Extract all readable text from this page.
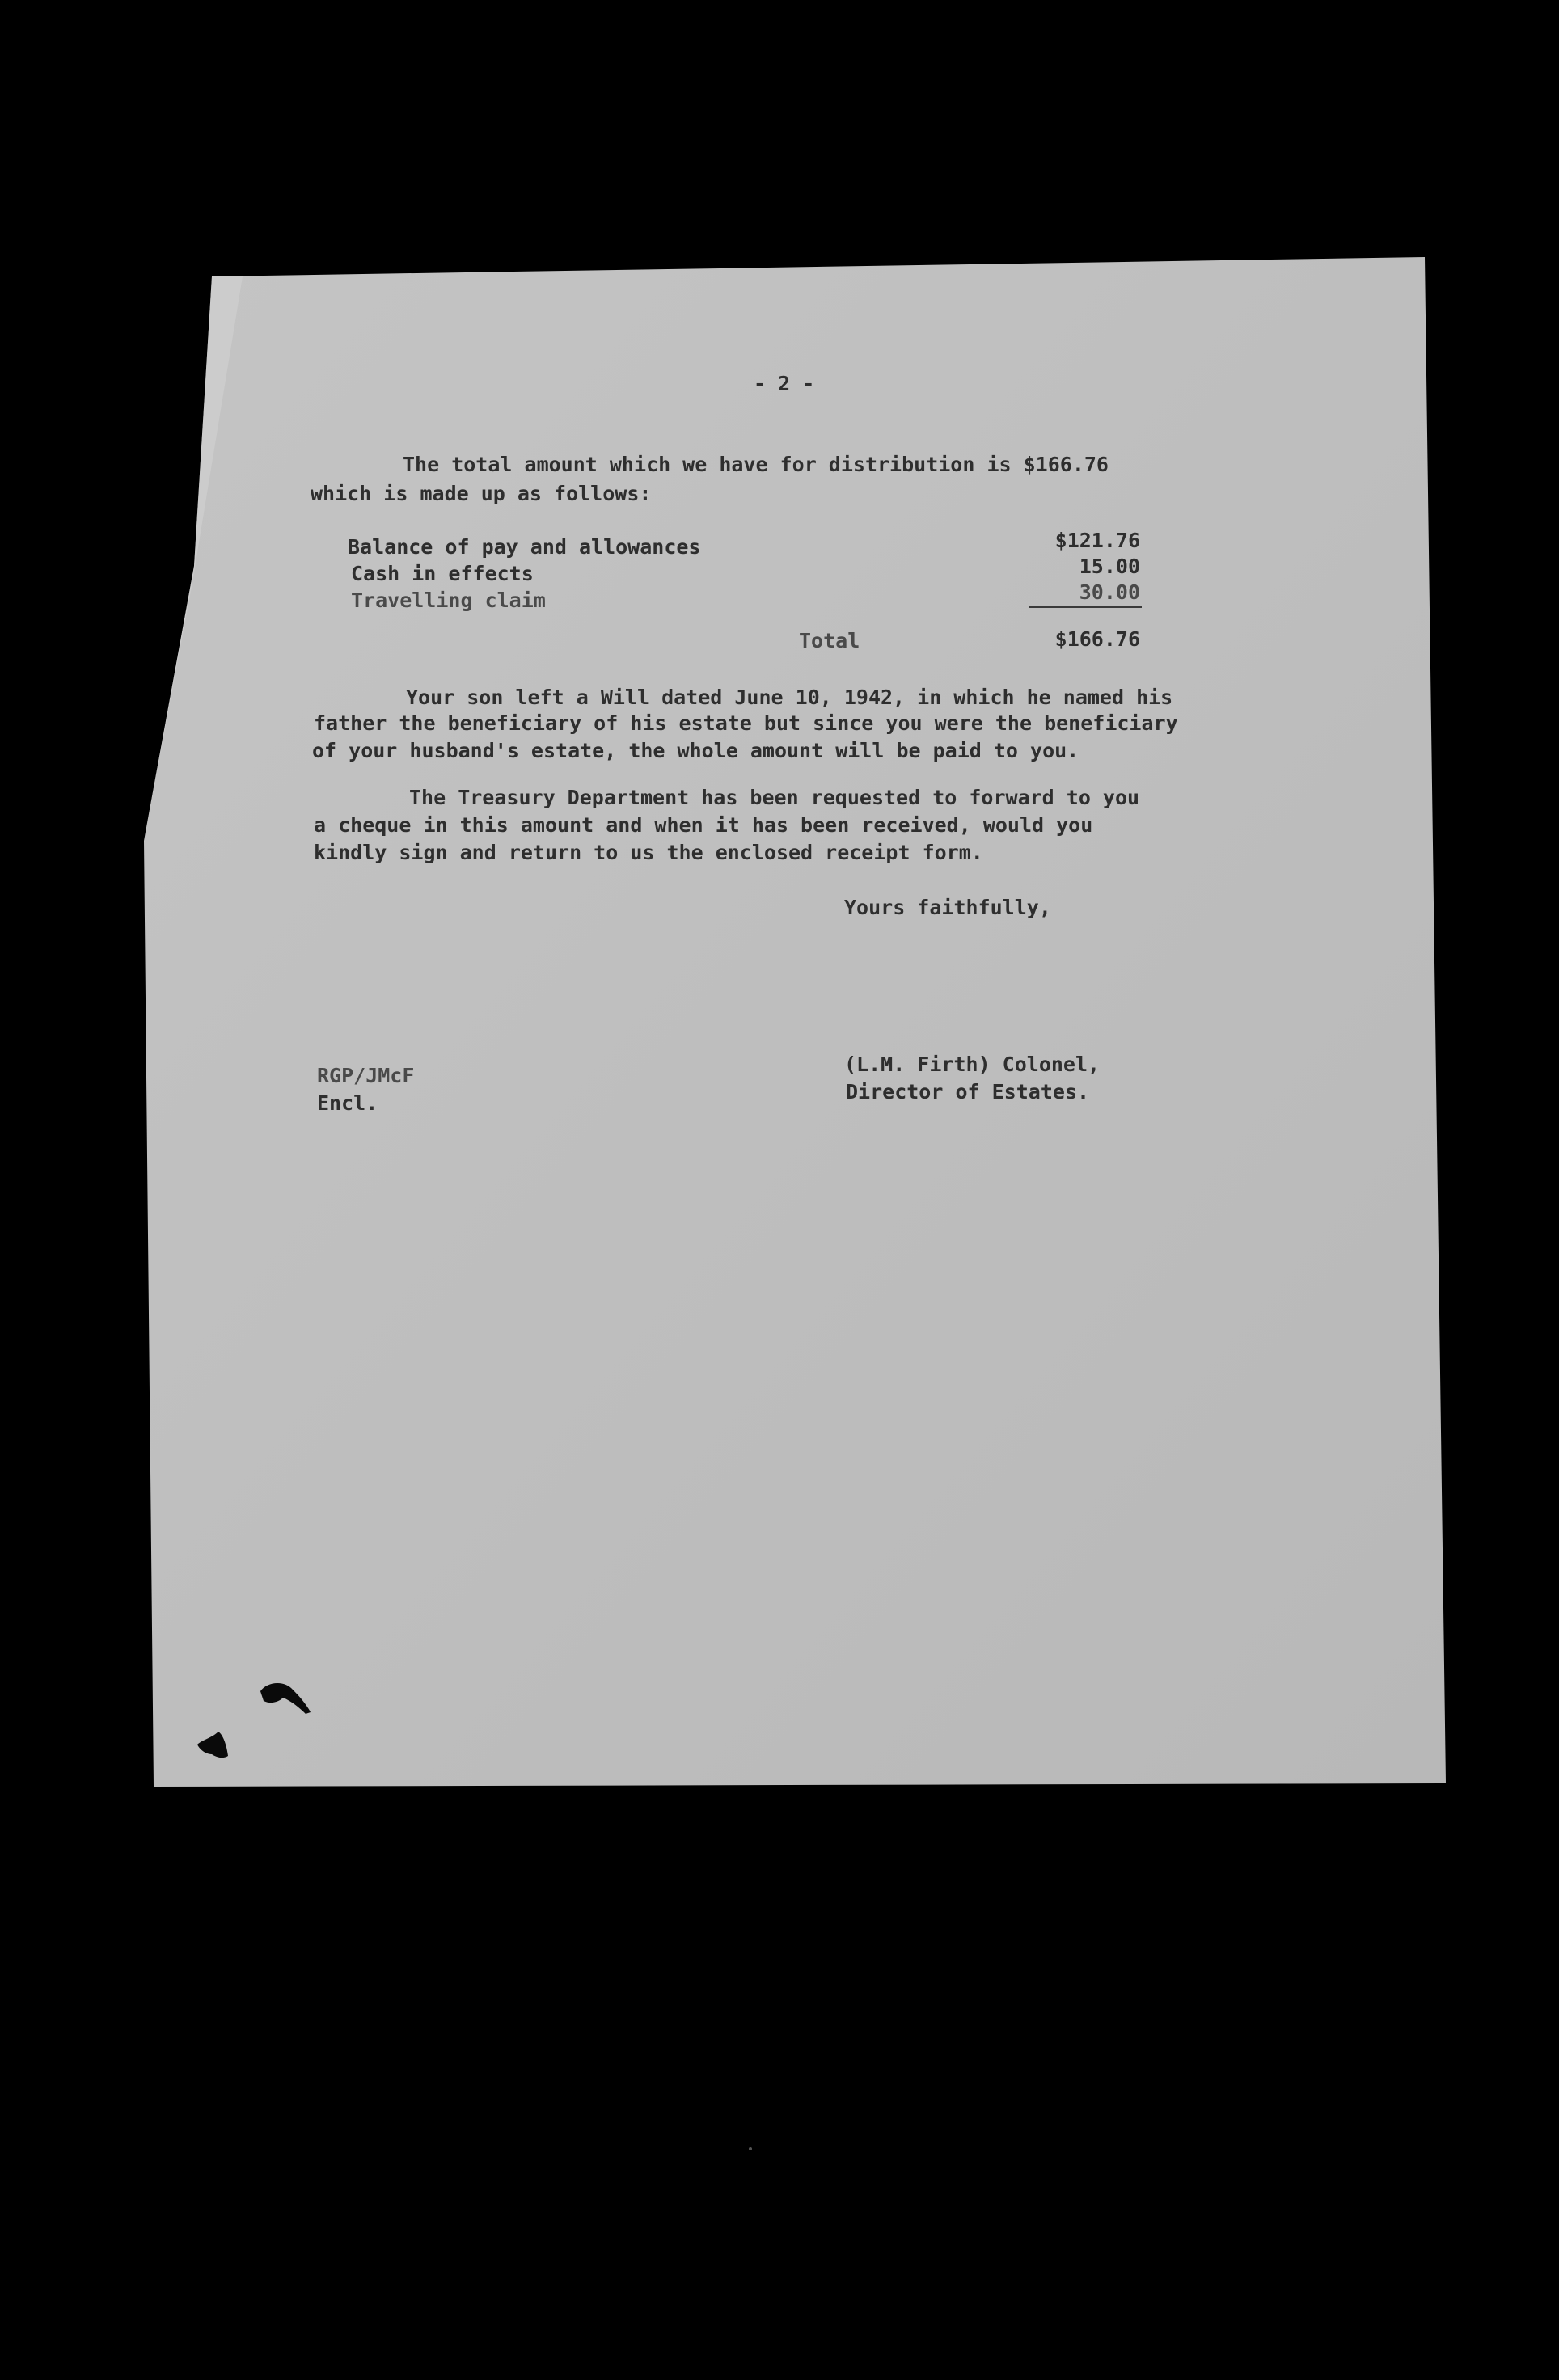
- 2 -
The total amount which we have for distribution is $166.76
which is made up as follows:
Balance of pay and allowances	$121.76
Cash in effects	15.00
Travelling claim	30.00
Total	$166.76
Your son left a Will dated June 10, 1942, in which he named his
father the beneficiary of his estate but since you were the beneficiary
of your husband's estate, the whole amount will be paid to you.
The Treasury Department has been requested to forward to you
a cheque in this amount and when it has been received, would you
kindly sign and return to us the enclosed receipt form.
Yours faithfully,
RGP/JMcF
Encl.
(L.M. Firth) Colonel,
Director of Estates.
